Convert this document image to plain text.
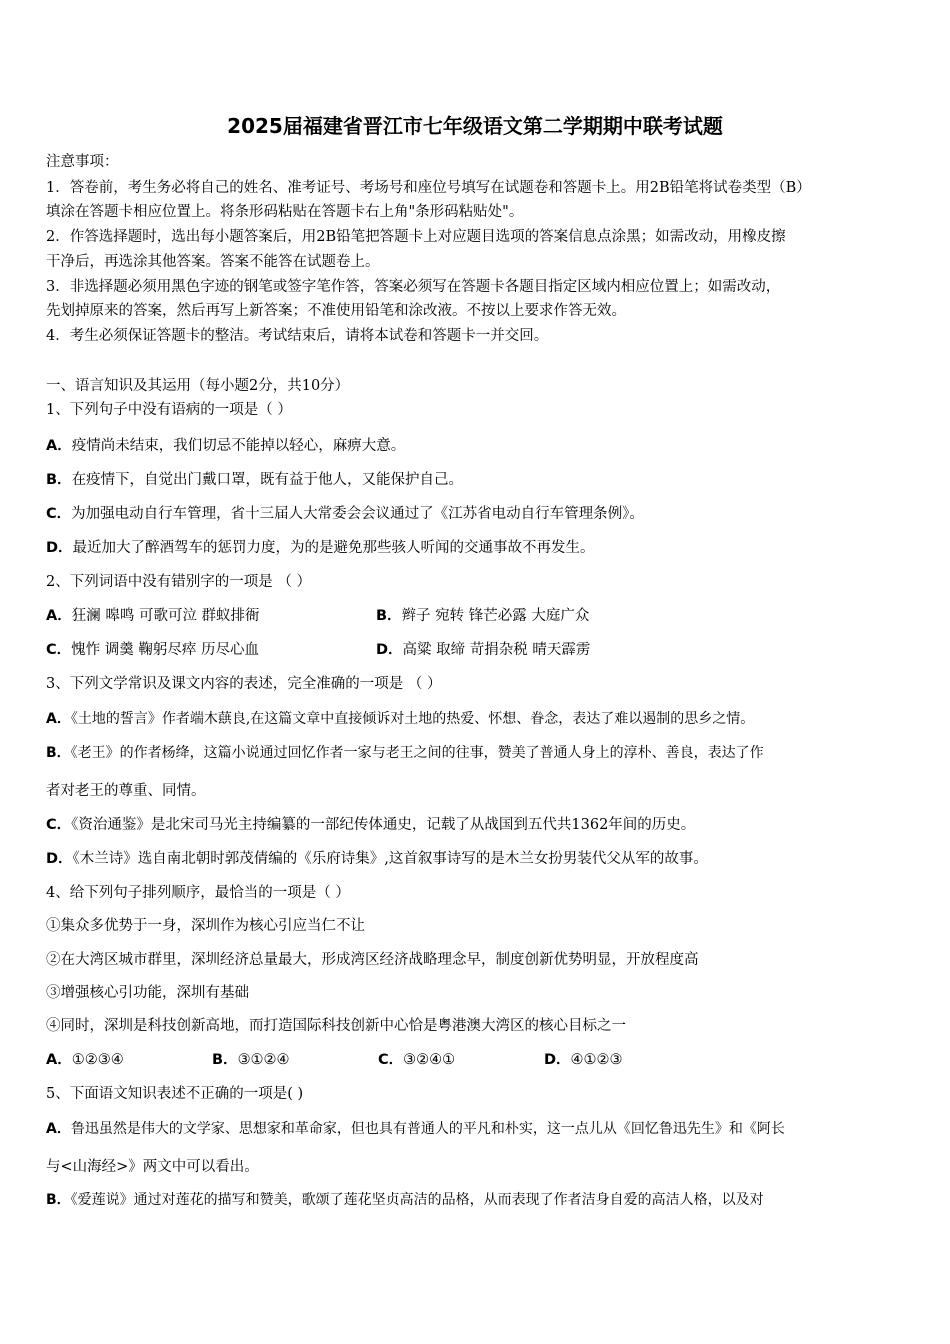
2025届福建省晋江市七年级语文第二学期期中联考试题
注意事项：
1．答卷前，考生务必将自己的姓名、准考证号、考场号和座位号填写在试题卷和答题卡上。用2B铅笔将试卷类型（B）
填涂在答题卡相应位置上。将条形码粘贴在答题卡右上角"条形码粘贴处"。
2．作答选择题时，选出每小题答案后，用2B铅笔把答题卡上对应题目选项的答案信息点涂黑；如需改动，用橡皮擦
干净后，再选涂其他答案。答案不能答在试题卷上。
3．非选择题必须用黑色字迹的钢笔或签字笔作答，答案必须写在答题卡各题目指定区域内相应位置上；如需改动，
先划掉原来的答案，然后再写上新答案；不准使用铅笔和涂改液。不按以上要求作答无效。
4．考生必须保证答题卡的整洁。考试结束后，请将本试卷和答题卡一并交回。
一、语言知识及其运用（每小题2分，共10分）
1、下列句子中没有语病的一项是（ ）
A．疫情尚未结束，我们切忌不能掉以轻心，麻痹大意。
B．在疫情下，自觉出门戴口罩，既有益于他人，又能保护自己。
C．为加强电动自行车管理，省十三届人大常委会会议通过了《江苏省电动自行车管理条例》。
D．最近加大了醉酒驾车的惩罚力度，为的是避免那些骇人听闻的交通事故不再发生。
2、下列词语中没有错别字的一项是 （ ）
A．狂澜 嗥鸣 可歌可泣 群蚁排衙	B．辫子 宛转 锋芒必露 大庭广众
C．愧怍 调羹 鞠躬尽瘁 历尽心血	D．高粱 取缔 苛捐杂税 晴天霹雳
3、下列文学常识及课文内容的表述，完全准确的一项是 （ ）
A．《土地的誓言》作者端木蕻良,在这篇文章中直接倾诉对土地的热爱、怀想、眷念，表达了难以遏制的思乡之情。
B．《老王》的作者杨绛，这篇小说通过回忆作者一家与老王之间的往事，赞美了普通人身上的淳朴、善良，表达了作
者对老王的尊重、同情。
C．《资治通鉴》是北宋司马光主持编纂的一部纪传体通史，记载了从战国到五代共1362年间的历史。
D．《木兰诗》选自南北朝时郭茂倩编的《乐府诗集》,这首叙事诗写的是木兰女扮男装代父从军的故事。
4、给下列句子排列顺序，最恰当的一项是（ ）
①集众多优势于一身，深圳作为核心引应当仁不让
②在大湾区城市群里，深圳经济总量最大，形成湾区经济战略理念早，制度创新优势明显，开放程度高
③增强核心引功能，深圳有基础
④同时，深圳是科技创新高地，而打造国际科技创新中心恰是粤港澳大湾区的核心目标之一
A．①②③④	B．③①②④	C．③②④①	D．④①②③
5、下面语文知识表述不正确的一项是( )
A．鲁迅虽然是伟大的文学家、思想家和革命家，但也具有普通人的平凡和朴实，这一点儿从《回忆鲁迅先生》和《阿长
与<山海经>》两文中可以看出。
B．《爱莲说》通过对莲花的描写和赞美，歌颂了莲花坚贞高洁的品格，从而表现了作者洁身自爱的高洁人格，以及对
